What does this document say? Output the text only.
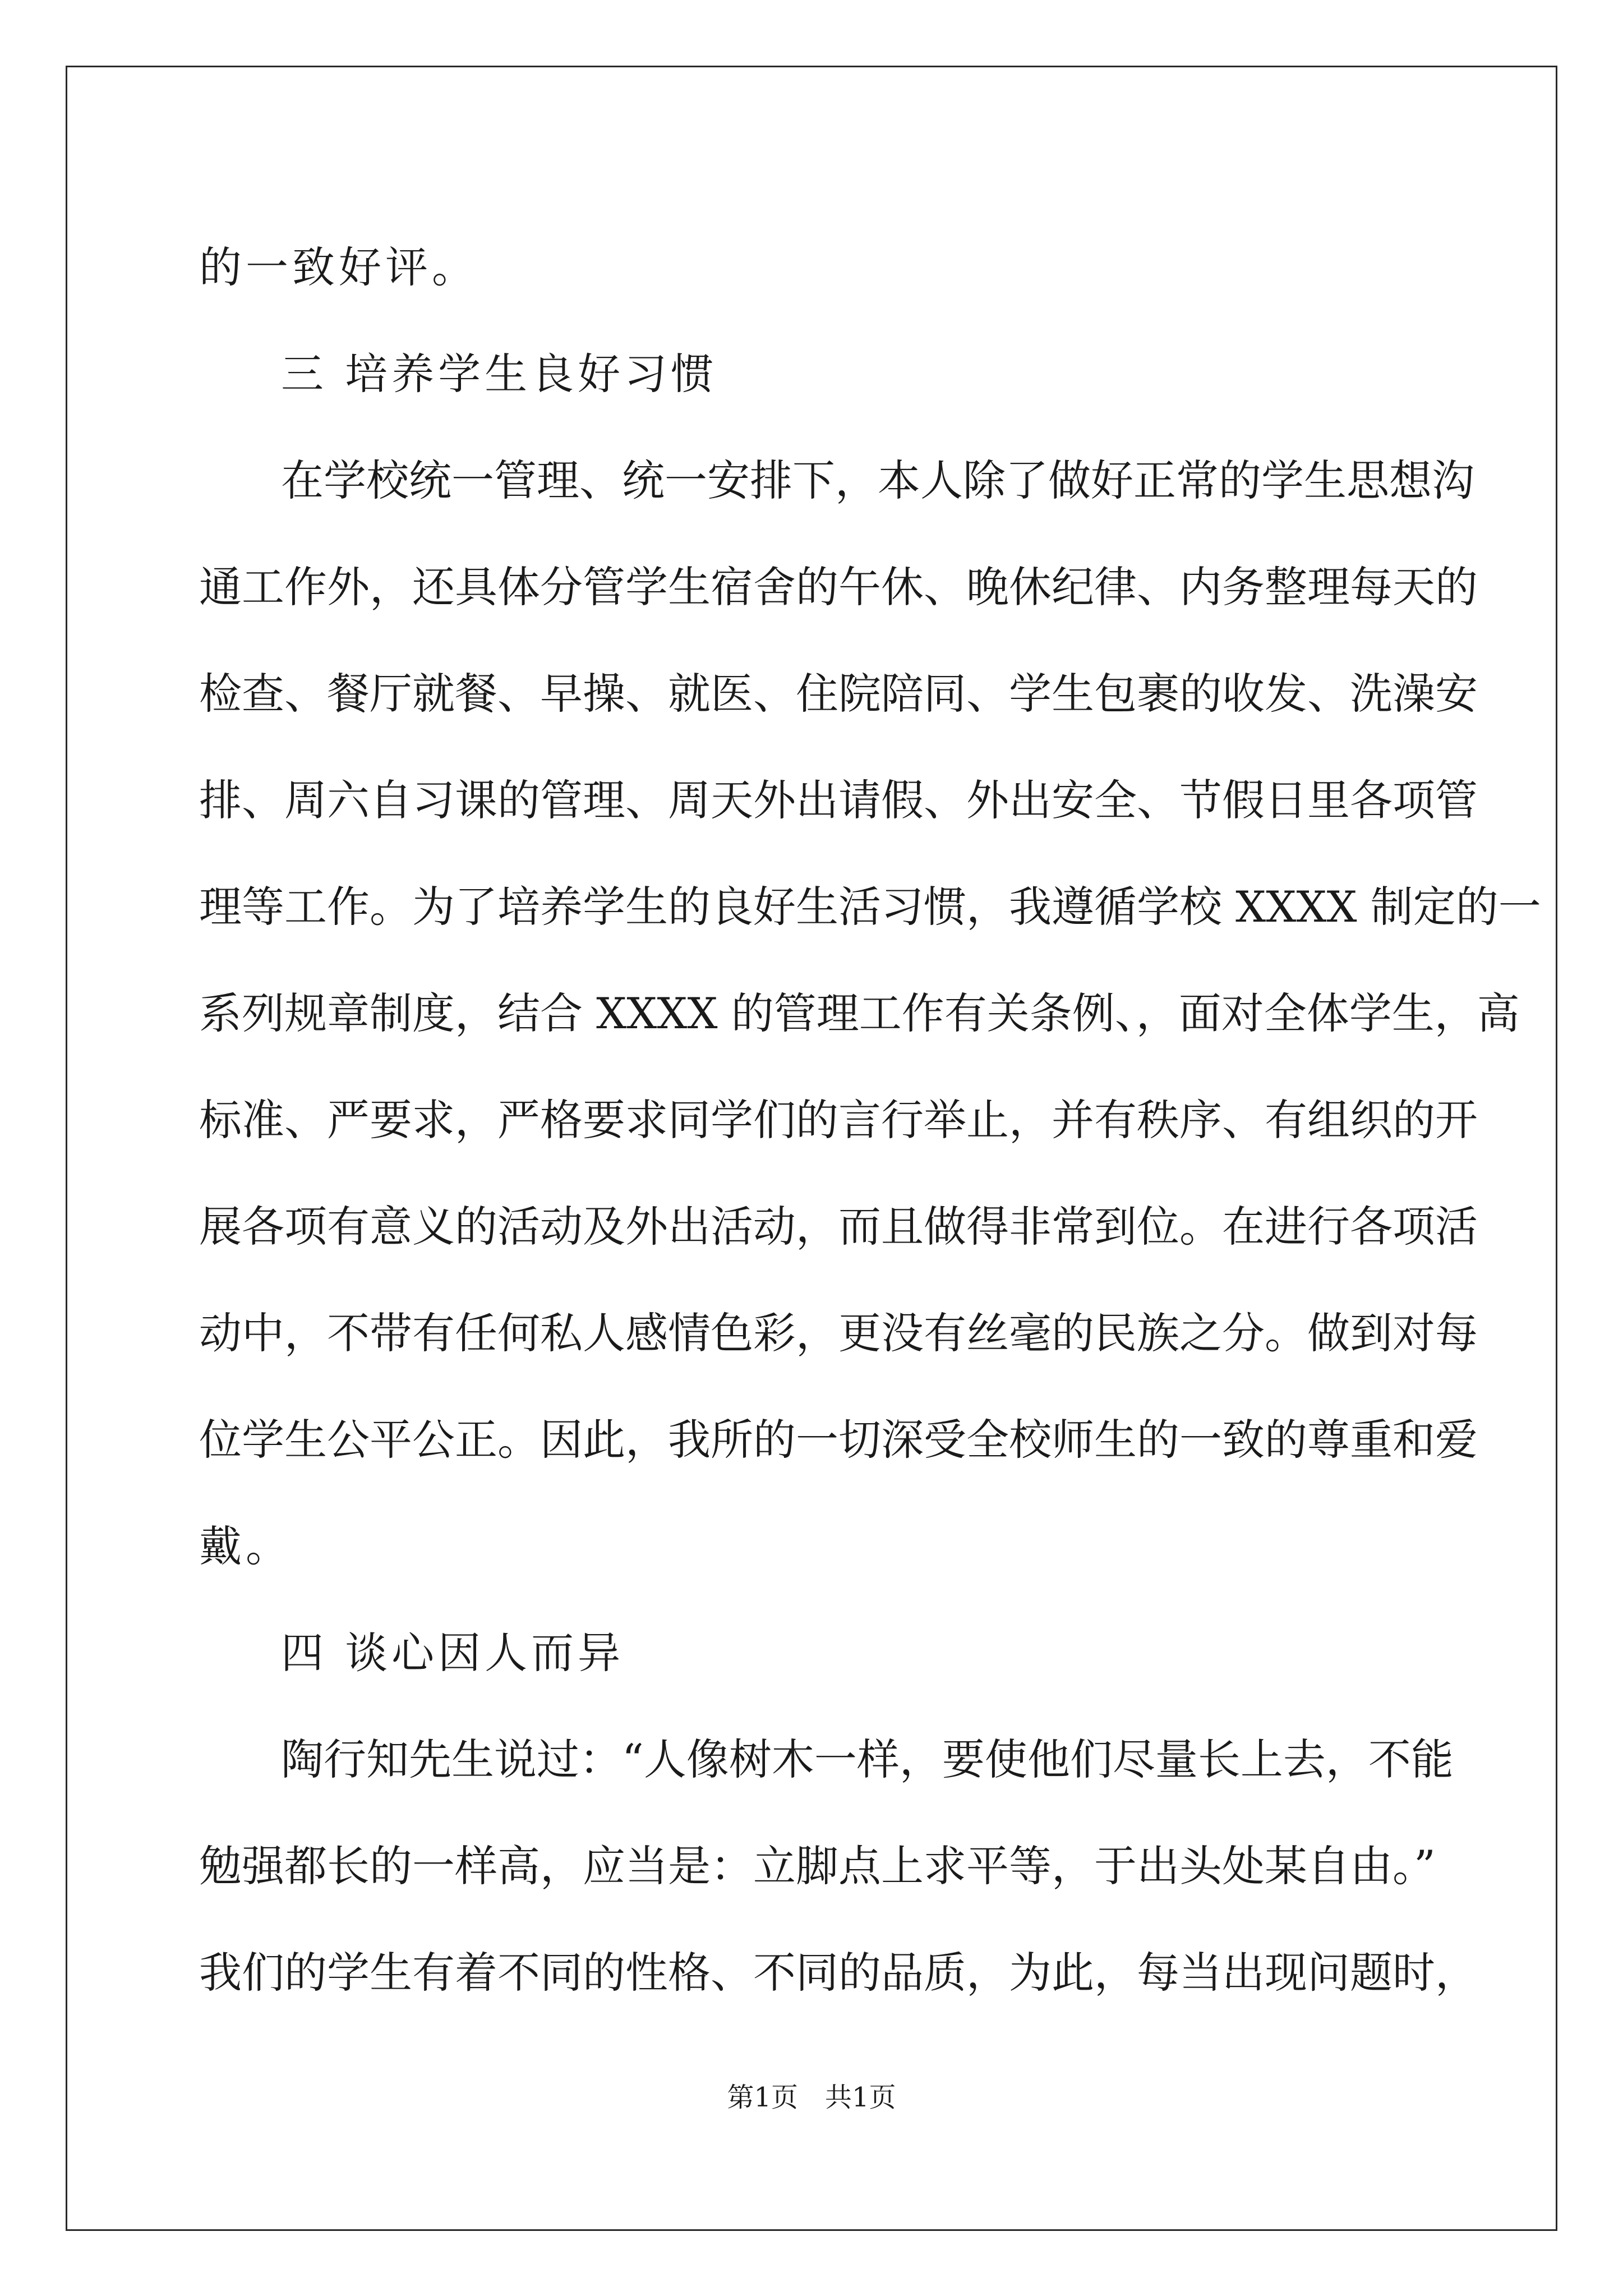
的一致好评。
三 培养学生良好习惯
在学校统一管理、统一安排下，本人除了做好正常的学生思想沟
通工作外，还具体分管学生宿舍的午休、晚休纪律、内务整理每天的
检查、餐厅就餐、早操、就医、住院陪同、学生包裹的收发、洗澡安
排、周六自习课的管理、周天外出请假、外出安全、节假日里各项管
理等工作。为了培养学生的良好生活习惯，我遵循学校 XXXX 制定的一
系列规章制度，结合 XXXX 的管理工作有关条例、，面对全体学生，高
标准、严要求，严格要求同学们的言行举止，并有秩序、有组织的开
展各项有意义的活动及外出活动，而且做得非常到位。在进行各项活
动中，不带有任何私人感情色彩，更没有丝毫的民族之分。做到对每
位学生公平公正。因此，我所的一切深受全校师生的一致的尊重和爱
戴。
四 谈心因人而异
陶行知先生说过：“人像树木一样，要使他们尽量长上去，不能
勉强都长的一样高，应当是：立脚点上求平等，于出头处某自由。”
我们的学生有着不同的性格、不同的品质，为此，每当出现问题时，
第1页　共1页
